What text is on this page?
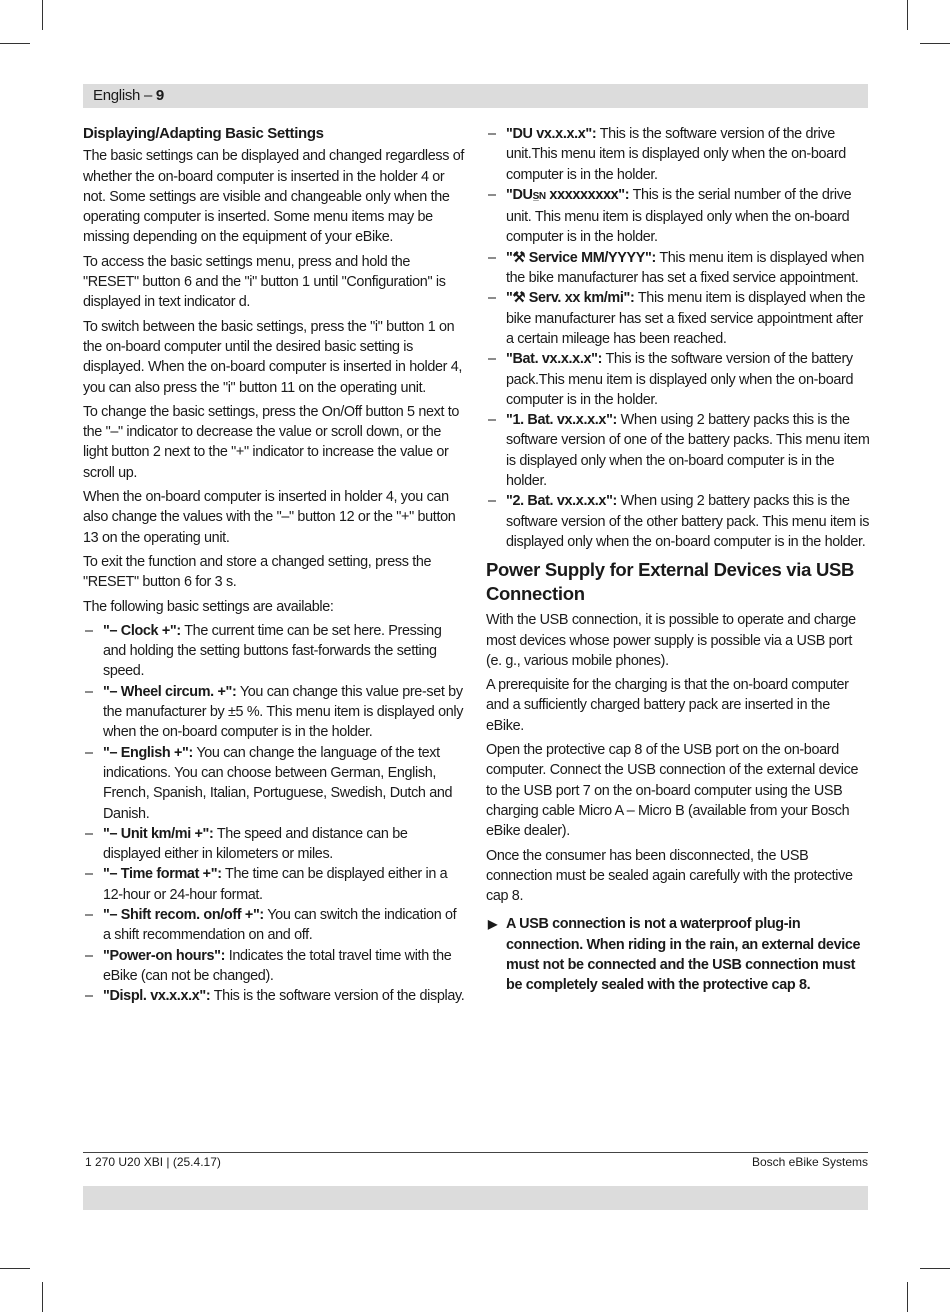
English – 9
Displaying/Adapting Basic Settings

The basic settings can be displayed and changed regardless of whether the on-board computer is inserted in the holder 4 or not. Some settings are visible and changeable only when the operating computer is inserted. Some menu items may be missing depending on the equipment of your eBike.

To access the basic settings menu, press and hold the "RESET" button 6 and the "i" button 1 until "Configuration" is displayed in text indicator d.

To switch between the basic settings, press the "i" button 1 on the on-board computer until the desired basic setting is displayed. When the on-board computer is inserted in holder 4, you can also press the "i" button 11 on the operating unit.

To change the basic settings, press the On/Off button 5 next to the "–" indicator to decrease the value or scroll down, or the light button 2 next to the "+" indicator to increase the value or scroll up.

When the on-board computer is inserted in holder 4, you can also change the values with the "–" button 12 or the "+" button 13 on the operating unit.

To exit the function and store a changed setting, press the "RESET" button 6 for 3 s.

The following basic settings are available:

– "– Clock +": The current time can be set here. Pressing and holding the setting buttons fast-forwards the setting speed.
– "– Wheel circum. +": You can change this value pre-set by the manufacturer by ±5 %. This menu item is displayed only when the on-board computer is in the holder.
– "– English +": You can change the language of the text indications. You can choose between German, English, French, Spanish, Italian, Portuguese, Swedish, Dutch and Danish.
– "– Unit km/mi +": The speed and distance can be displayed either in kilometers or miles.
– "– Time format +": The time can be displayed either in a 12-hour or 24-hour format.
– "– Shift recom. on/off +": You can switch the indication of a shift recommendation on and off.
– "Power-on hours": Indicates the total travel time with the eBike (can not be changed).
– "Displ. vx.x.x.x": This is the software version of the display.
– "DU vx.x.x.x": This is the software version of the drive unit.This menu item is displayed only when the on-board computer is in the holder.
– "DUS̲N xxxxxxxxx": This is the serial number of the drive unit. This menu item is displayed only when the on-board computer is in the holder.
– "⚒ Service MM/YYYY": This menu item is displayed when the bike manufacturer has set a fixed service appointment.
– "⚒ Serv. xx km/mi": This menu item is displayed when the bike manufacturer has set a fixed service appointment after a certain mileage has been reached.
– "Bat. vx.x.x.x": This is the software version of the battery pack.This menu item is displayed only when the on-board computer is in the holder.
– "1. Bat. vx.x.x.x": When using 2 battery packs this is the software version of one of the battery packs. This menu item is displayed only when the on-board computer is in the holder.
– "2. Bat. vx.x.x.x": When using 2 battery packs this is the software version of the other battery pack. This menu item is displayed only when the on-board computer is in the holder.
Power Supply for External Devices via USB Connection

With the USB connection, it is possible to operate and charge most devices whose power supply is possible via a USB port (e. g., various mobile phones).

A prerequisite for the charging is that the on-board computer and a sufficiently charged battery pack are inserted in the eBike.

Open the protective cap 8 of the USB port on the on-board computer. Connect the USB connection of the external device to the USB port 7 on the on-board computer using the USB charging cable Micro A – Micro B (available from your Bosch eBike dealer).

Once the consumer has been disconnected, the USB connection must be sealed again carefully with the protective cap 8.

▶ A USB connection is not a waterproof plug-in connection. When riding in the rain, an external device must not be connected and the USB connection must be completely sealed with the protective cap 8.
1 270 U20 XBI | (25.4.17)	Bosch eBike Systems
